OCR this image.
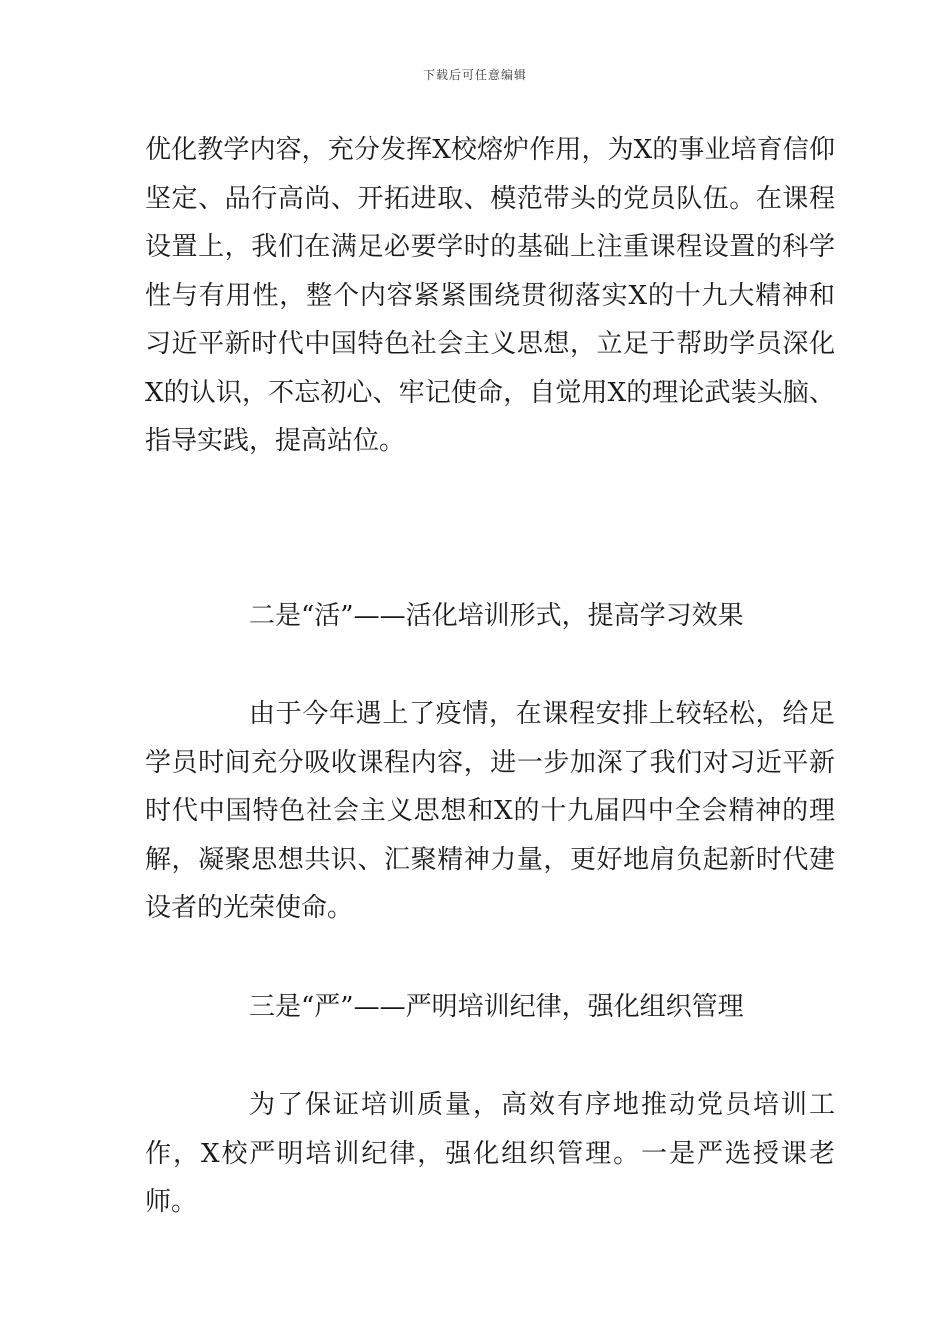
下载后可任意编辑

优化教学内容，充分发挥X校熔炉作用，为X的事业培育信仰坚定、品行高尚、开拓进取、模范带头的党员队伍。在课程设置上，我们在满足必要学时的基础上注重课程设置的科学性与有用性，整个内容紧紧围绕贯彻落实X的十九大精神和习近平新时代中国特色社会主义思想，立足于帮助学员深化X的认识，不忘初心、牢记使命，自觉用X的理论武装头脑、指导实践，提高站位。

二是“活”——活化培训形式，提高学习效果

由于今年遇上了疫情，在课程安排上较轻松，给足学员时间充分吸收课程内容，进一步加深了我们对习近平新时代中国特色社会主义思想和X的十九届四中全会精神的理解，凝聚思想共识、汇聚精神力量，更好地肩负起新时代建设者的光荣使命。

三是“严”——严明培训纪律，强化组织管理

为了保证培训质量，高效有序地推动党员培训工作，X校严明培训纪律，强化组织管理。一是严选授课老师。
